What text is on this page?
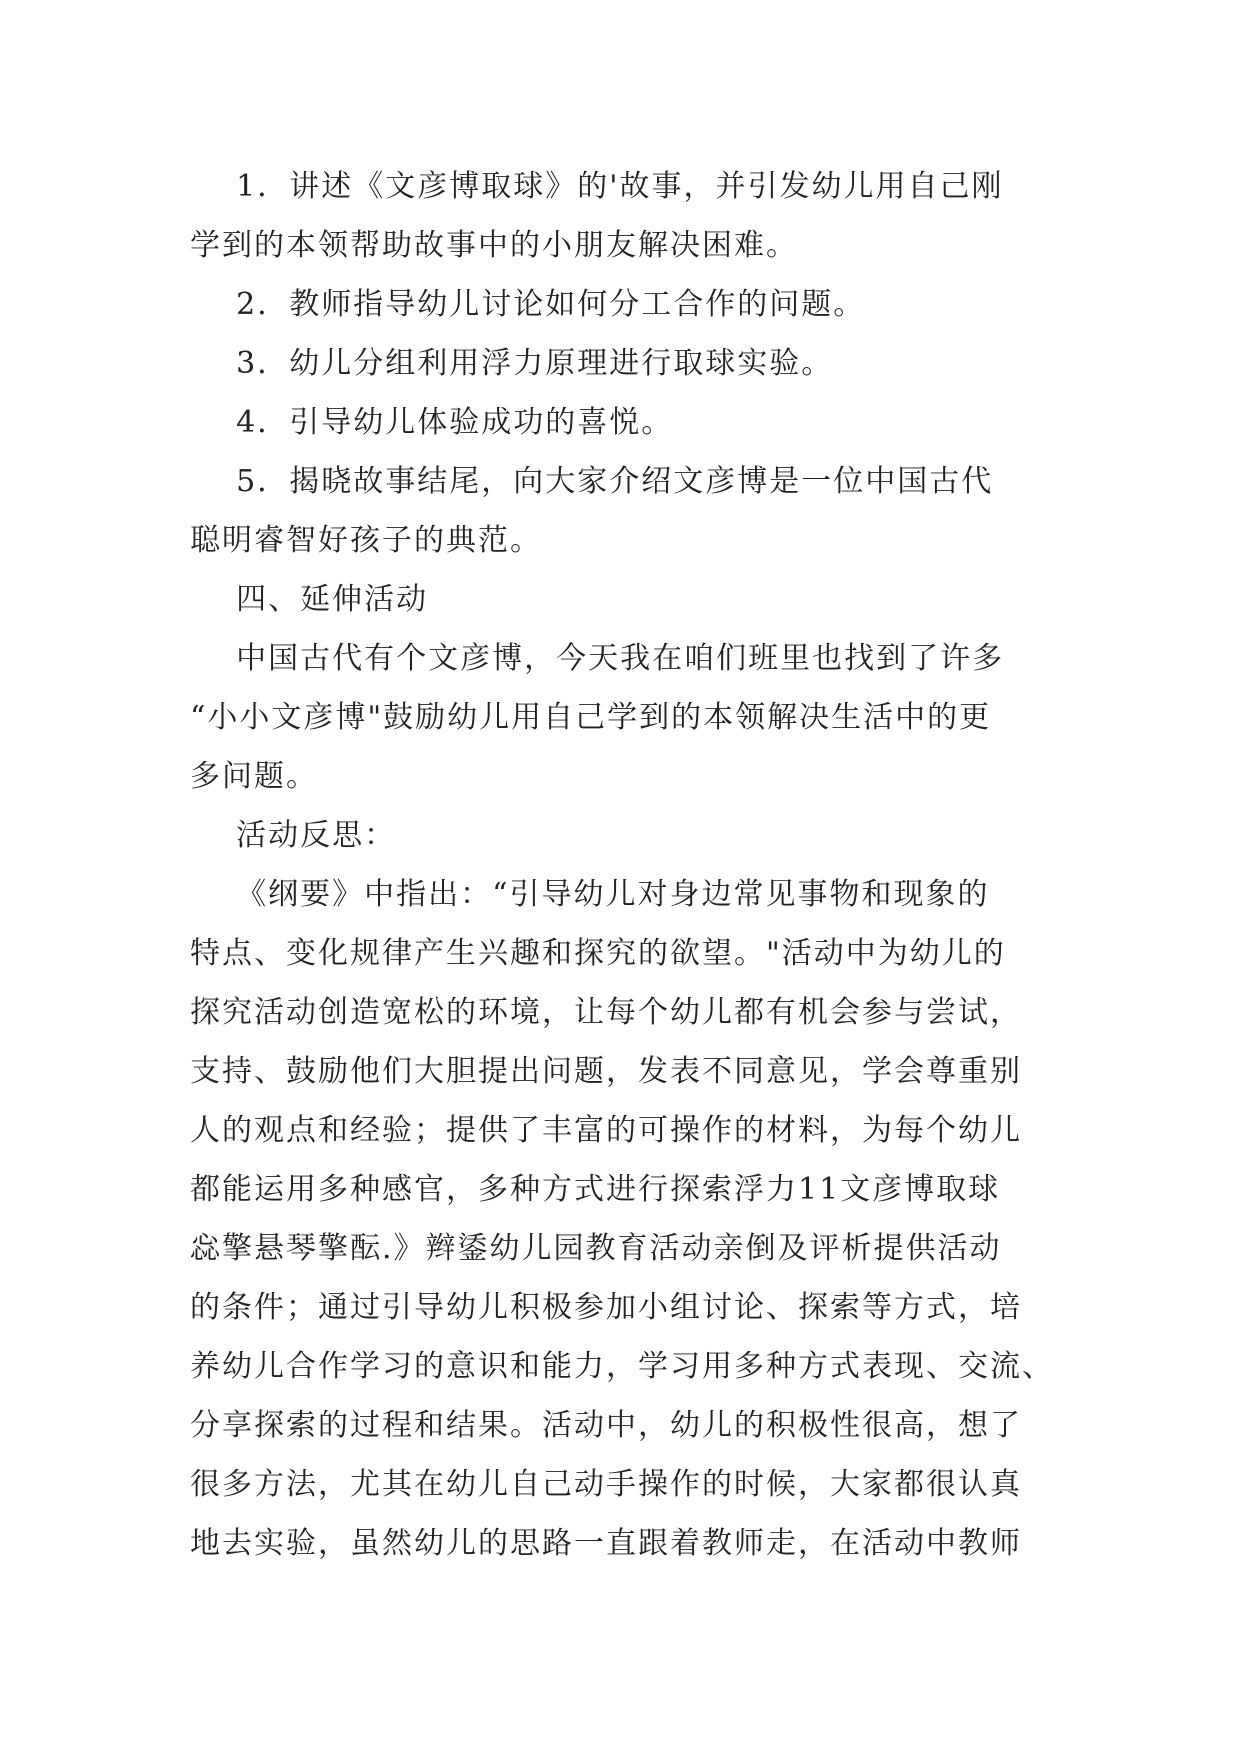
1．讲述《文彦博取球》的'故事，并引发幼儿用自己刚
学到的本领帮助故事中的小朋友解决困难。
2．教师指导幼儿讨论如何分工合作的问题。
3．幼儿分组利用浮力原理进行取球实验。
4．引导幼儿体验成功的喜悦。
5．揭晓故事结尾，向大家介绍文彦博是一位中国古代
聪明睿智好孩子的典范。
四、延伸活动
中国古代有个文彦博，今天我在咱们班里也找到了许多
“小小文彦博"鼓励幼儿用自己学到的本领解决生活中的更
多问题。
活动反思：
《纲要》中指出：“引导幼儿对身边常见事物和现象的
特点、变化规律产生兴趣和探究的欲望。"活动中为幼儿的
探究活动创造宽松的环境，让每个幼儿都有机会参与尝试，
支持、鼓励他们大胆提出问题，发表不同意见，学会尊重别
人的观点和经验；提供了丰富的可操作的材料，为每个幼儿
都能运用多种感官，多种方式进行探索浮力11文彦博取球
惢擎悬琴擎酝.》辫鋈幼儿园教育活动亲倒及评析提供活动
的条件；通过引导幼儿积极参加小组讨论、探索等方式，培
养幼儿合作学习的意识和能力，学习用多种方式表现、交流、
分享探索的过程和结果。活动中，幼儿的积极性很高，想了
很多方法，尤其在幼儿自己动手操作的时候，大家都很认真
地去实验，虽然幼儿的思路一直跟着教师走，在活动中教师
